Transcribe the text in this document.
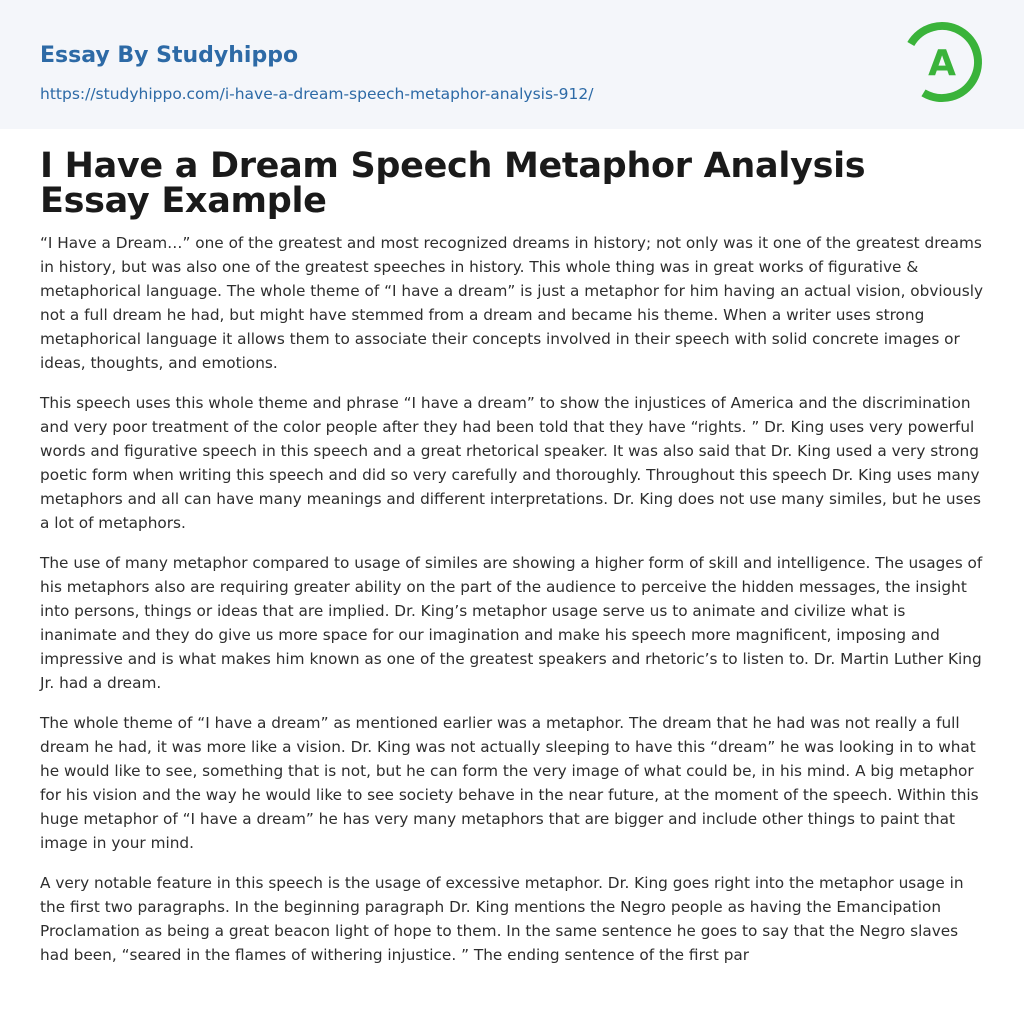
Essay By Studyhippo
https://studyhippo.com/i-have-a-dream-speech-metaphor-analysis-912/
A
I Have a Dream Speech Metaphor Analysis Essay Example

“I Have a Dream…” one of the greatest and most recognized dreams in history; not only was it one of the greatest dreams in history, but was also one of the greatest speeches in history. This whole thing was in great works of figurative & metaphorical language. The whole theme of “I have a dream” is just a metaphor for him having an actual vision, obviously not a full dream he had, but might have stemmed from a dream and became his theme. When a writer uses strong metaphorical language it allows them to associate their concepts involved in their speech with solid concrete images or ideas, thoughts, and emotions.

This speech uses this whole theme and phrase “I have a dream” to show the injustices of America and the discrimination and very poor treatment of the color people after they had been told that they have “rights. ” Dr. King uses very powerful words and figurative speech in this speech and a great rhetorical speaker. It was also said that Dr. King used a very strong poetic form when writing this speech and did so very carefully and thoroughly. Throughout this speech Dr. King uses many metaphors and all can have many meanings and different interpretations. Dr. King does not use many similes, but he uses a lot of metaphors.

The use of many metaphor compared to usage of similes are showing a higher form of skill and intelligence. The usages of his metaphors also are requiring greater ability on the part of the audience to perceive the hidden messages, the insight into persons, things or ideas that are implied. Dr. King’s metaphor usage serve us to animate and civilize what is inanimate and they do give us more space for our imagination and make his speech more magnificent, imposing and impressive and is what makes him known as one of the greatest speakers and rhetoric’s to listen to. Dr. Martin Luther King Jr. had a dream.

The whole theme of “I have a dream” as mentioned earlier was a metaphor. The dream that he had was not really a full dream he had, it was more like a vision. Dr. King was not actually sleeping to have this “dream” he was looking in to what he would like to see, something that is not, but he can form the very image of what could be, in his mind. A big metaphor for his vision and the way he would like to see society behave in the near future, at the moment of the speech. Within this huge metaphor of “I have a dream” he has very many metaphors that are bigger and include other things to paint that image in your mind.

A very notable feature in this speech is the usage of excessive metaphor. Dr. King goes right into the metaphor usage in the first two paragraphs. In the beginning paragraph Dr. King mentions the Negro people as having the Emancipation Proclamation as being a great beacon light of hope to them. In the same sentence he goes to say that the Negro slaves had been, “seared in the flames of withering injustice. ” The ending sentence of the first par
